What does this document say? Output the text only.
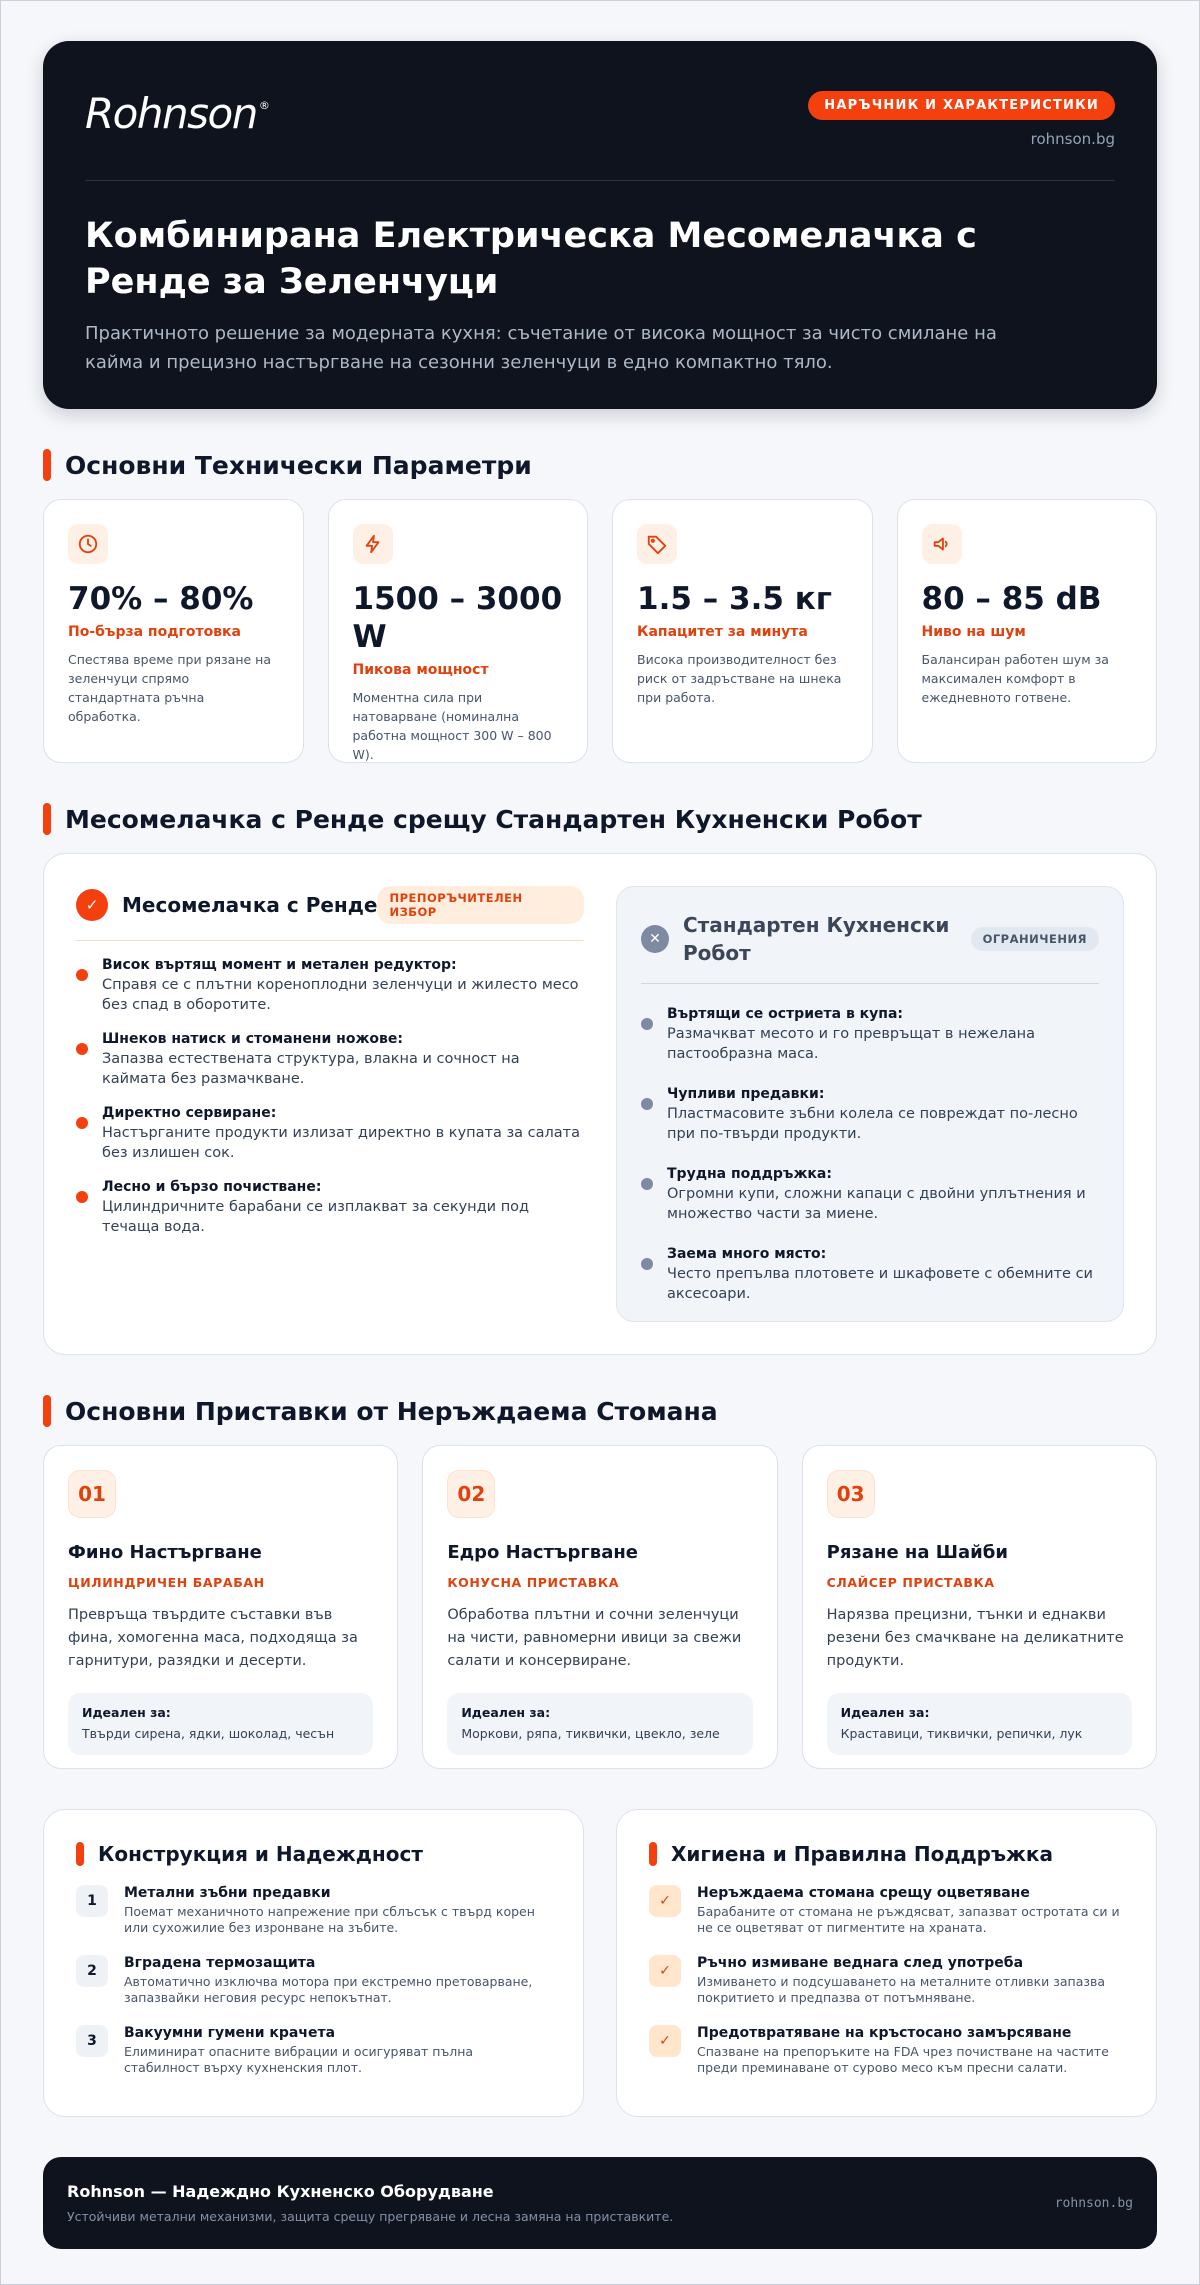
Rohnson ®	НАРЪЧНИК И ХАРАКТЕРИСТИКИ
rohnson.bg
Комбинирана Електрическа Месомелачка с Ренде за Зеленчуци

Практичното решение за модерната кухня: съчетание от висока мощност за чисто смилане на кайма и прецизно настъргване на сезонни зеленчуци в едно компактно тяло.

Основни Технически Параметри
70% – 80%
По-бърза подготовка
Спестява време при рязане на зеленчуци спрямо стандартната ръчна обработка.
1500 – 3000 W
Пикова мощност
Моментна сила при натоварване (номинална работна мощност 300 W – 800 W).
1.5 – 3.5 кг
Капацитет за минута
Висока производителност без риск от задръстване на шнека при работа.
80 – 85 dB
Ниво на шум
Балансиран работен шум за максимален комфорт в ежедневното готвене.
Месомелачка с Ренде срещу Стандартен Кухненски Робот
✓	Месомелачка с Ренде	ПРЕПОРЪЧИТЕЛЕН ИЗБОР
Висок въртящ момент и метален редуктор:
Справя се с плътни кореноплодни зеленчуци и жилесто месо без спад в оборотите.
Шнеков натиск и стоманени ножове:
Запазва естествената структура, влакна и сочност на каймата без размачкване.
Директно сервиране:
Настърганите продукти излизат директно в купата за салата без излишен сок.
Лесно и бързо почистване:
Цилиндричните барабани се изплакват за секунди под течаща вода.
✕
Стандартен Кухненски Робот
ОГРАНИЧЕНИЯ
Въртящи се остриета в купа:
Размачкват месото и го превръщат в нежелана пастообразна маса.
Чупливи предавки:
Пластмасовите зъбни колела се повреждат по-лесно при по-твърди продукти.
Трудна поддръжка:
Огромни купи, сложни капаци с двойни уплътнения и множество части за миене.
Заема много място:
Често препълва плотовете и шкафовете с обемните си аксесоари.
Основни Приставки от Неръждаема Стомана
01
Фино Настъргване
ЦИЛИНДРИЧЕН БАРАБАН
Превръща твърдите съставки във фина, хомогенна маса, подходяща за гарнитури, разядки и десерти.
Идеален за:
Твърди сирена, ядки, шоколад, чесън
02
Едро Настъргване
КОНУСНА ПРИСТАВКА
Обработва плътни и сочни зеленчуци на чисти, равномерни ивици за свежи салати и консервиране.
Идеален за:
Моркови, ряпа, тиквички, цвекло, зеле
03
Рязане на Шайби
СЛАЙСЕР ПРИСТАВКА
Нарязва прецизни, тънки и еднакви резени без смачкване на деликатните продукти.
Идеален за:
Краставици, тиквички, репички, лук
Конструкция и Надеждност
1	Метални зъбни предавки
Поемат механичното напрежение при сблъсък с твърд корен или сухожилие без изронване на зъбите.
2	Вградена термозащита
Автоматично изключва мотора при екстремно претоварване, запазвайки неговия ресурс непокътнат.
3	Вакуумни гумени крачета
Елиминират опасните вибрации и осигуряват пълна стабилност върху кухненския плот.
Хигиена и Правилна Поддръжка
✓	Неръждаема стомана срещу оцветяване
Барабаните от стомана не ръждясват, запазват остротата си и не се оцветяват от пигментите на храната.
✓	Ръчно измиване веднага след употреба
Измиването и подсушаването на металните отливки запазва покритието и предпазва от потъмняване.
✓	Предотвратяване на кръстосано замърсяване
Спазване на препоръките на FDA чрез почистване на частите преди преминаване от сурово месо към пресни салати.
Rohnson — Надеждно Кухненско Оборудване
Устойчиви метални механизми, защита срещу прегряване и лесна замяна на приставките.
rohnson.bg
